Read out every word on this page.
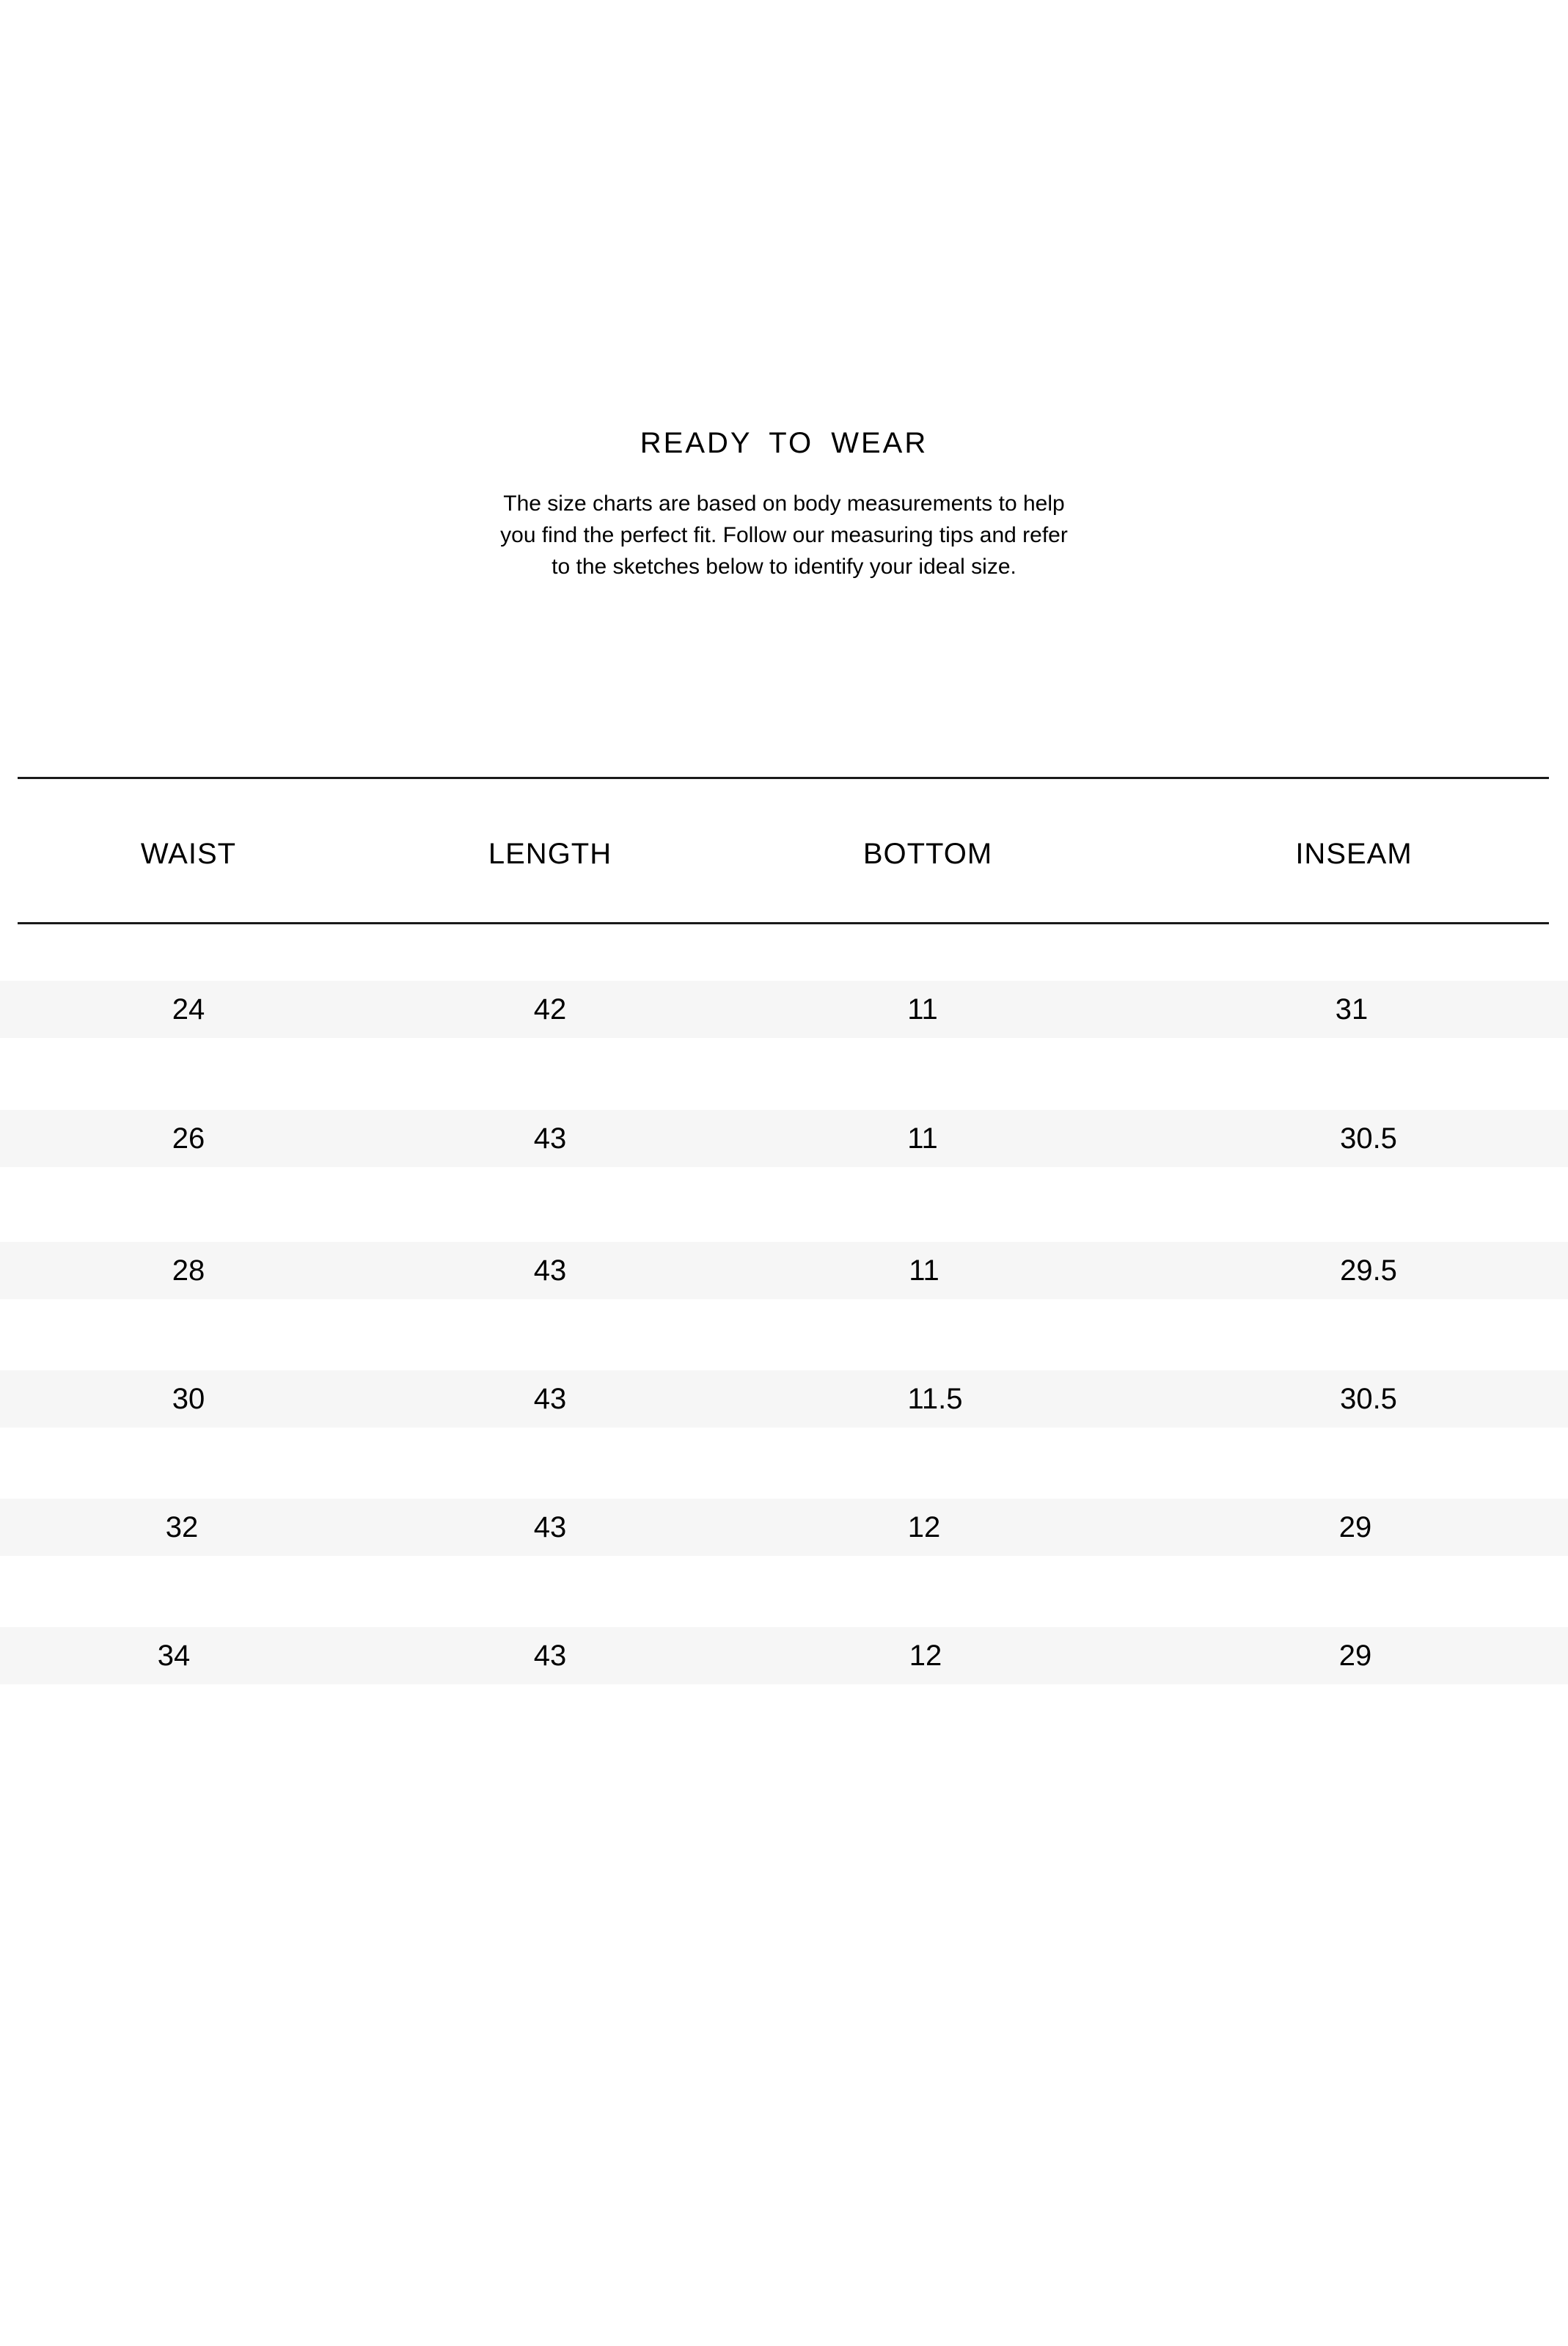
READY TO WEAR
The size charts are based on body measurements to help
you find the perfect fit. Follow our measuring tips and refer
to the sketches below to identify your ideal size.
WAIST	LENGTH	BOTTOM	INSEAM
24	42	11	31
26	43	11	30.5
28	43	11	29.5
30	43	11.5	30.5
32	43	12	29
34	43	12	29
